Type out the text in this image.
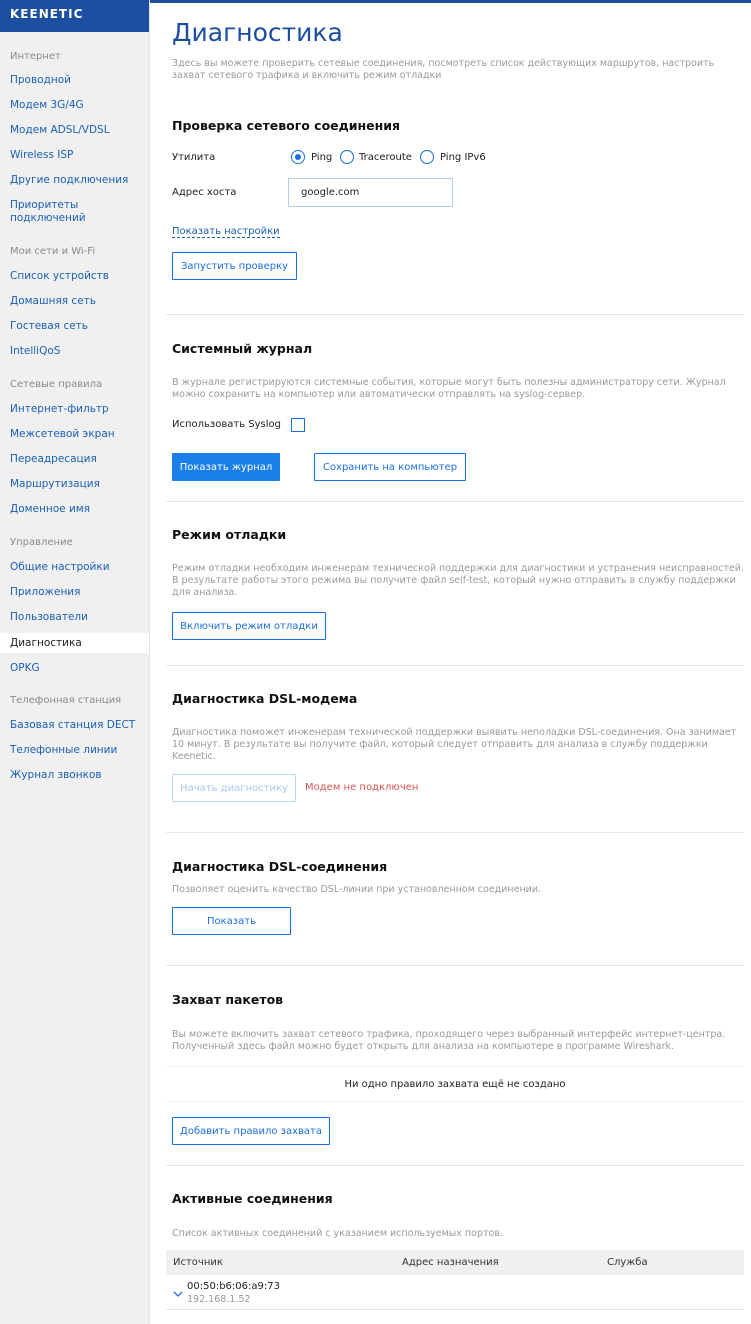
KEENETIC
Интернет
Проводной
Модем 3G/4G
Модем ADSL/VDSL
Wireless ISP
Другие подключения
Приоритеты подключений
Мои сети и Wi-Fi
Список устройств
Домашняя сеть
Гостевая сеть
IntelliQoS
Сетевые правила
Интернет-фильтр
Межсетевой экран
Переадресация
Маршрутизация
Доменное имя
Управление
Общие настройки
Приложения
Пользователи
Диагностика
OPKG
Телефонная станция
Базовая станция DECT
Телефонные линии
Журнал звонков
Диагностика

Здесь вы можете проверить сетевые соединения, посмотреть список действующих маршрутов, настроить захват сетевого трафика и включить режим отладки

Проверка сетевого соединения
Утилита	Ping	Traceroute	Ping IPv6
Адрес хоста	google.com
Показать настройки
Запустить проверку
Системный журнал

В журнале регистрируются системные события, которые могут быть полезны администратору сети. Журнал можно сохранить на компьютер или автоматически отправлять на syslog-сервер.

Использовать Syslog
Показать журнал	Сохранить на компьютер
Режим отладки

Режим отладки необходим инженерам технической поддержки для диагностики и устранения неисправностей. В результате работы этого режима вы получите файл self-test, который нужно отправить в службу поддержки для анализа.

Включить режим отладки
Диагностика DSL-модема

Диагностика поможет инженерам технической поддержки выявить неполадки DSL-соединения. Она занимает 10 минут. В результате вы получите файл, который следует отправить для анализа в службу поддержки Keenetic.

Начать диагностику	Модем не подключен
Диагностика DSL-соединения

Позволяет оценить качество DSL-линии при установленном соединении.

Показать
Захват пакетов

Вы можете включить захват сетевого трафика, проходящего через выбранный интерфейс интернет-центра. Полученный здесь файл можно будет открыть для анализа на компьютере в программе Wireshark.

Ни одно правило захвата ещё не создано
Добавить правило захвата
Активные соединения

Список активных соединений с указанием используемых портов.

Источник	Адрес назначения	Служба
00:50:b6:06:a9:73
192.168.1.52
